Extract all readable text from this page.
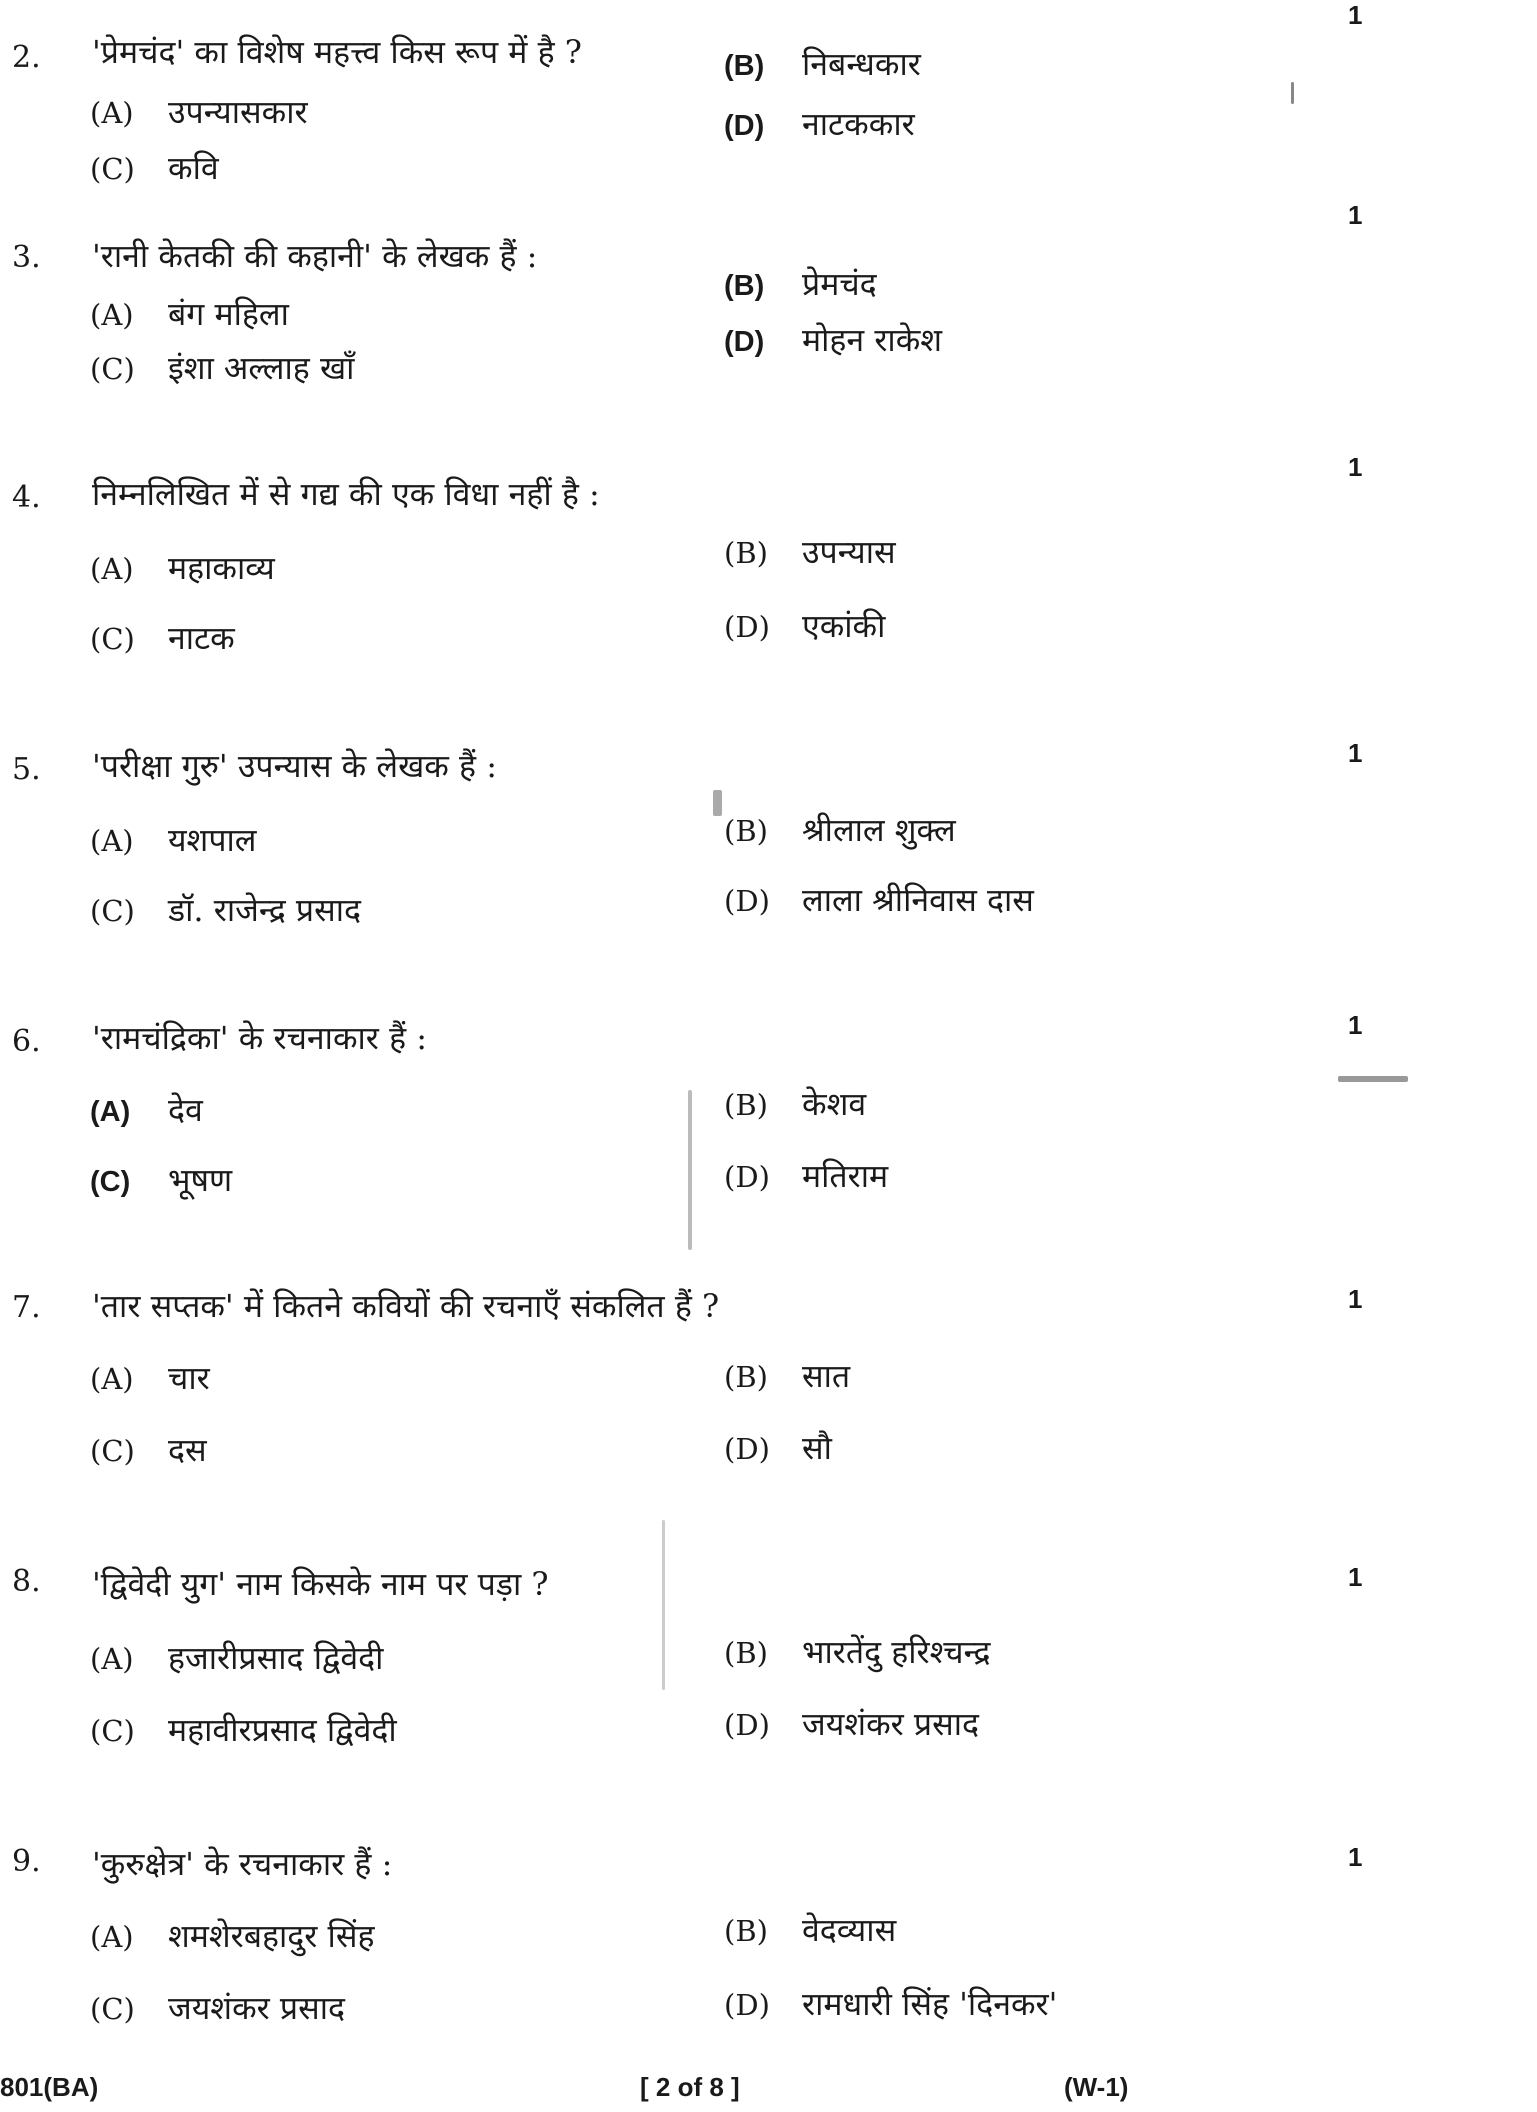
2. 'प्रेमचंद' का विशेष महत्त्व किस रूप में है ?
1
(A) उपन्यासकार
(B) निबन्धकार
(C) कवि
(D) नाटककार
3. 'रानी केतकी की कहानी' के लेखक हैं :
1
(A) बंग महिला
(B) प्रेमचंद
(C) इंशा अल्लाह खाँ
(D) मोहन राकेश
4. निम्नलिखित में से गद्य की एक विधा नहीं है :
1
(A) महाकाव्य	(B) उपन्यास
(C) नाटक	(D) एकांकी
5. 'परीक्षा गुरु' उपन्यास के लेखक हैं :	1
(A) यशपाल	(B) श्रीलाल शुक्ल
(C) डॉ. राजेन्द्र प्रसाद	(D) लाला श्रीनिवास दास
6. 'रामचंद्रिका' के रचनाकार हैं :	1
(A) देव	(B) केशव
(C) भूषण	(D) मतिराम
7. 'तार सप्तक' में कितने कवियों की रचनाएँ संकलित हैं ?	1
(A) चार	(B) सात
(C) दस	(D) सौ
8. 'द्विवेदी युग' नाम किसके नाम पर पड़ा ?	1
(A) हजारीप्रसाद द्विवेदी	(B) भारतेंदु हरिश्चन्द्र
(C) महावीरप्रसाद द्विवेदी	(D) जयशंकर प्रसाद
9. 'कुरुक्षेत्र' के रचनाकार हैं :	1
(A) शमशेरबहादुर सिंह	(B) वेदव्यास
(C) जयशंकर प्रसाद	(D) रामधारी सिंह 'दिनकर'
801(BA)	[ 2 of 8 ]	(W-1)
